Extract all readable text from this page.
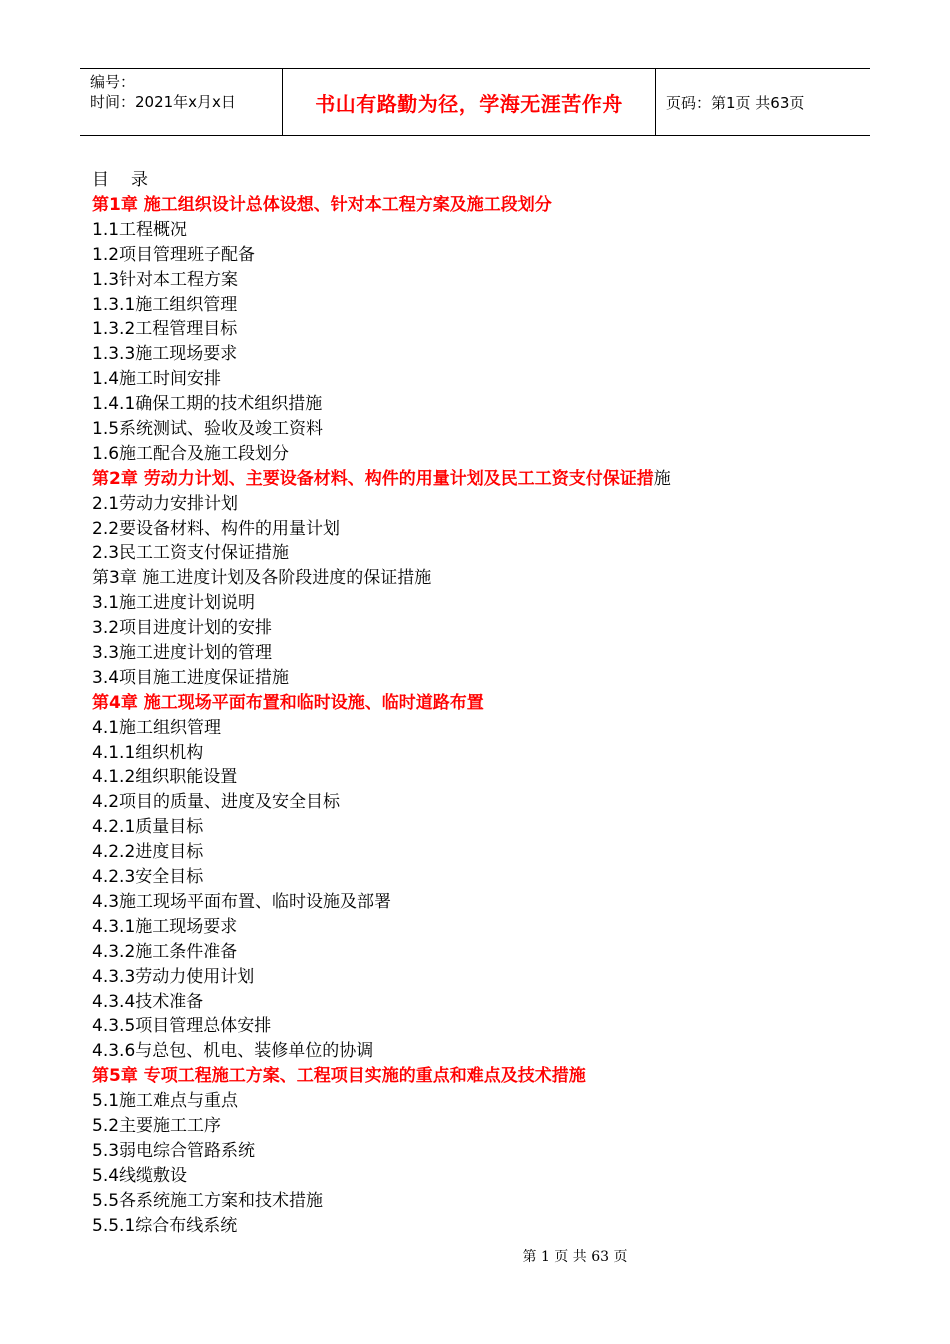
编号：
时间：2021年x月x日	书山有路勤为径，学海无涯苦作舟	页码：第1页 共63页
目录
第1章 施工组织设计总体设想、针对本工程方案及施工段划分
1.1工程概况
1.2项目管理班子配备
1.3针对本工程方案
1.3.1施工组织管理
1.3.2工程管理目标
1.3.3施工现场要求
1.4施工时间安排
1.4.1确保工期的技术组织措施
1.5系统测试、验收及竣工资料
1.6施工配合及施工段划分
第2章 劳动力计划、主要设备材料、构件的用量计划及民工工资支付保证措施
2.1劳动力安排计划
2.2要设备材料、构件的用量计划
2.3民工工资支付保证措施
第3章 施工进度计划及各阶段进度的保证措施
3.1施工进度计划说明
3.2项目进度计划的安排
3.3施工进度计划的管理
3.4项目施工进度保证措施
第4章 施工现场平面布置和临时设施、临时道路布置
4.1施工组织管理
4.1.1组织机构
4.1.2组织职能设置
4.2项目的质量、进度及安全目标
4.2.1质量目标
4.2.2进度目标
4.2.3安全目标
4.3施工现场平面布置、临时设施及部署
4.3.1施工现场要求
4.3.2施工条件准备
4.3.3劳动力使用计划
4.3.4技术准备
4.3.5项目管理总体安排
4.3.6与总包、机电、装修单位的协调
第5章 专项工程施工方案、工程项目实施的重点和难点及技术措施
5.1施工难点与重点
5.2主要施工工序
5.3弱电综合管路系统
5.4线缆敷设
5.5各系统施工方案和技术措施
5.5.1综合布线系统
第 1 页 共 63 页
